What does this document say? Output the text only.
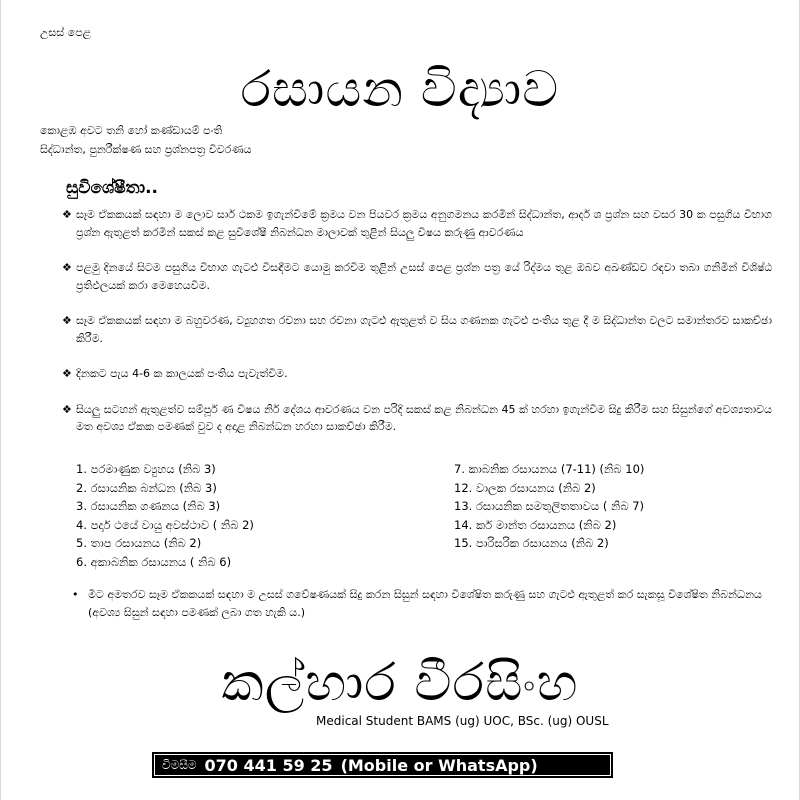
උසස් පෙළ
රසායන විද්‍යාව
කොළඹ අවට තනි හෝ කණ්ඩායම් පංති
සිද්ධාන්ත, පුනරීක්ෂණ සහ ප්‍රශ්නපත්‍ර විවරණය
සුවිශේෂීතා..
❖ සෑම ඒකකයක් සඳහා ම ලොව සාර් ථකම ඉගැන්වීමේ ක්‍රමය වන පියවර ක්‍රමය අනුගමනය කරමින් සිද්ධාන්ත, ආදර් ශ ප්‍රශ්න සහ වසර 30 ක පසුගිය විභාග ප්‍රශ්න ඇතුළත් කරමින් සකස් කළ සුවිශේෂී නිබන්ධන මාලාවක් තුළින් සියලු විෂය කරුණු ආවරණය
❖ පළමු දිනයේ සිටම පසුගිය විභාග ගැටළු විසඳීමට යොමු කරවීම තුළින් උසස් පෙළ ප්‍රශ්න පත්‍ර යේ රිද්මය තුළ ඔබව අඛණ්ඩව රඳවා තබා ගනිමින් විශිෂ්ඨ ප්‍රතිඵලයක් කරා මෙහෙයවීම.
❖ සෑම ඒකකයක් සඳහා ම බහුවරණ, ව්‍යුහගත රචනා සහ රචනා ගැටළු ඇතුළත් ව සිය ගණනක ගැටළු පංතිය තුළ දී ම සිද්ධාන්ත වලට සමාන්තරව සාකච්ඡා කිරීම.
❖ දිනකට පැය 4-6 ක කාලයක් පංතිය පැවැත්වීම.
❖ සියලු සටහන් ඇතුළත්ව සම්පූර් ණ විෂය නිර් දේශය ආවරණය වන පරිදි සකස් කළ නිබන්ධන 45 ක් හරහා ඉගැන්වීම සිදු කිරීම සහ සිසුන්ගේ අවශ්‍යතාවය මත අවශ්‍ය ඒකක පමණක් වුව ද අදාළ නිබන්ධන හරහා සාකච්ඡා කිරීම.
1. පරමාණුක ව්‍යුහය (නිබ 3)	7. කාබනික රසායනය (7-11) (නිබ 10)
2. රසායනික බන්ධන (නිබ 3)	12. වාලක රසායනය (නිබ 2)
3. රසායනික ගණනය (නිබ 3)	13. රසායනික සමතුලිතතාවය ( නිබ 7)
4. පදාර් ථයේ වායු අවස්ථාව ( නිබ 2)	14. කර් මාන්ත රසායනය (නිබ 2)
5. තාප රසායනය (නිබ 2)	15. පාරිසරික රසායනය (නිබ 2)
6. අකාබනික රසායනය ( නිබ 6)
• මීට අමතරව සෑම ඒකකයක් සඳහා ම උසස් ගවේෂණයක් සිදු කරන සිසුන් සඳහා විශේෂිත කරුණු සහ ගැටළු ඇතුළත් කර සැකසූ විශේෂිත නිබන්ධනය (අවශ්‍ය සිසුන් සඳහා පමණක් ලබා ගත හැකි ය.)
කල්හාර වීරසිංහ
Medical Student BAMS (ug) UOC, BSc. (ug) OUSL
විමසීම 070 441 59 25 (Mobile or WhatsApp)
